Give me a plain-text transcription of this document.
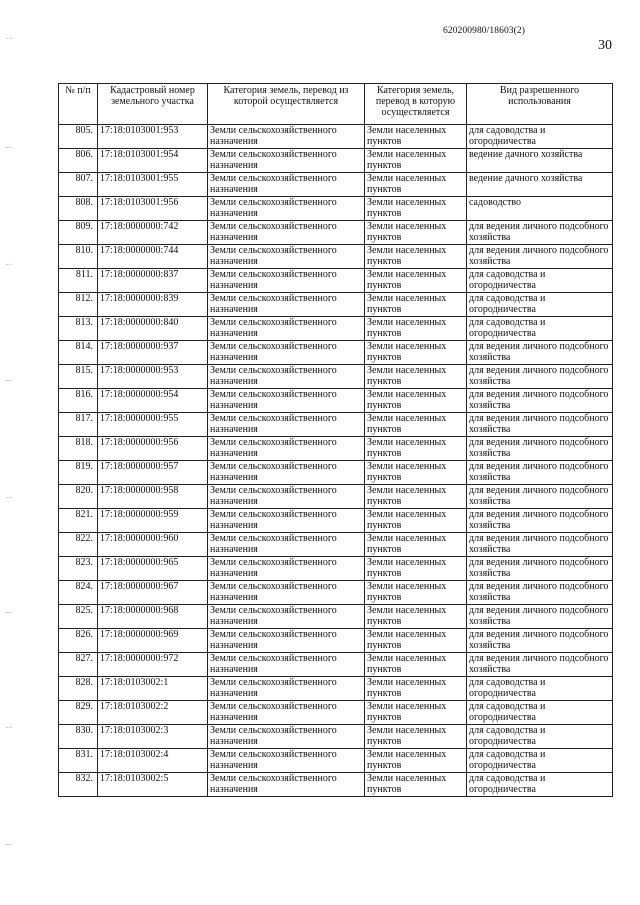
620200980/18603(2)
30
-·-
-·-
-·-
-·-
-·-
-·-
-·-
-·-
№ п/п	Кадастровый номер земельного участка	Категория земель, перевод из которой осуществляется	Категория земель, перевод в которую осуществляется	Вид разрешенного использования
805.	17:18:0103001:953	Земли сельскохозяйственного назначения	Земли населенных пунктов	для садоводства и огородничества
806.	17:18:0103001:954	Земли сельскохозяйственного назначения	Земли населенных пунктов	ведение дачного хозяйства
807.	17:18:0103001:955	Земли сельскохозяйственного назначения	Земли населенных пунктов	ведение дачного хозяйства
808.	17:18:0103001:956	Земли сельскохозяйственного назначения	Земли населенных пунктов	садоводство
809.	17:18:0000000:742	Земли сельскохозяйственного назначения	Земли населенных пунктов	для ведения личного подсобного хозяйства
810.	17:18:0000000:744	Земли сельскохозяйственного назначения	Земли населенных пунктов	для ведения личного подсобного хозяйства
811.	17:18:0000000:837	Земли сельскохозяйственного назначения	Земли населенных пунктов	для садоводства и огородничества
812.	17:18:0000000:839	Земли сельскохозяйственного назначения	Земли населенных пунктов	для садоводства и огородничества
813.	17:18:0000000:840	Земли сельскохозяйственного назначения	Земли населенных пунктов	для садоводства и огородничества
814.	17:18:0000000:937	Земли сельскохозяйственного назначения	Земли населенных пунктов	для ведения личного подсобного хозяйства
815.	17:18:0000000:953	Земли сельскохозяйственного назначения	Земли населенных пунктов	для ведения личного подсобного хозяйства
816.	17:18:0000000:954	Земли сельскохозяйственного назначения	Земли населенных пунктов	для ведения личного подсобного хозяйства
817.	17:18:0000000:955	Земли сельскохозяйственного назначения	Земли населенных пунктов	для ведения личного подсобного хозяйства
818.	17:18:0000000:956	Земли сельскохозяйственного назначения	Земли населенных пунктов	для ведения личного подсобного хозяйства
819.	17:18:0000000:957	Земли сельскохозяйственного назначения	Земли населенных пунктов	для ведения личного подсобного хозяйства
820.	17:18:0000000:958	Земли сельскохозяйственного назначения	Земли населенных пунктов	для ведения личного подсобного хозяйства
821.	17:18:0000000:959	Земли сельскохозяйственного назначения	Земли населенных пунктов	для ведения личного подсобного хозяйства
822.	17:18:0000000:960	Земли сельскохозяйственного назначения	Земли населенных пунктов	для ведения личного подсобного хозяйства
823.	17:18:0000000:965	Земли сельскохозяйственного назначения	Земли населенных пунктов	для ведения личного подсобного хозяйства
824.	17:18:0000000:967	Земли сельскохозяйственного назначения	Земли населенных пунктов	для ведения личного подсобного хозяйства
825.	17:18:0000000:968	Земли сельскохозяйственного назначения	Земли населенных пунктов	для ведения личного подсобного хозяйства
826.	17:18:0000000:969	Земли сельскохозяйственного назначения	Земли населенных пунктов	для ведения личного подсобного хозяйства
827.	17:18:0000000:972	Земли сельскохозяйственного назначения	Земли населенных пунктов	для ведения личного подсобного хозяйства
828.	17:18:0103002:1	Земли сельскохозяйственного назначения	Земли населенных пунктов	для садоводства и огородничества
829.	17:18:0103002:2	Земли сельскохозяйственного назначения	Земли населенных пунктов	для садоводства и огородничества
830.	17:18:0103002:3	Земли сельскохозяйственного назначения	Земли населенных пунктов	для садоводства и огородничества
831.	17:18:0103002:4	Земли сельскохозяйственного назначения	Земли населенных пунктов	для садоводства и огородничества
832.	17:18:0103002:5	Земли сельскохозяйственного назначения	Земли населенных пунктов	для садоводства и огородничества
